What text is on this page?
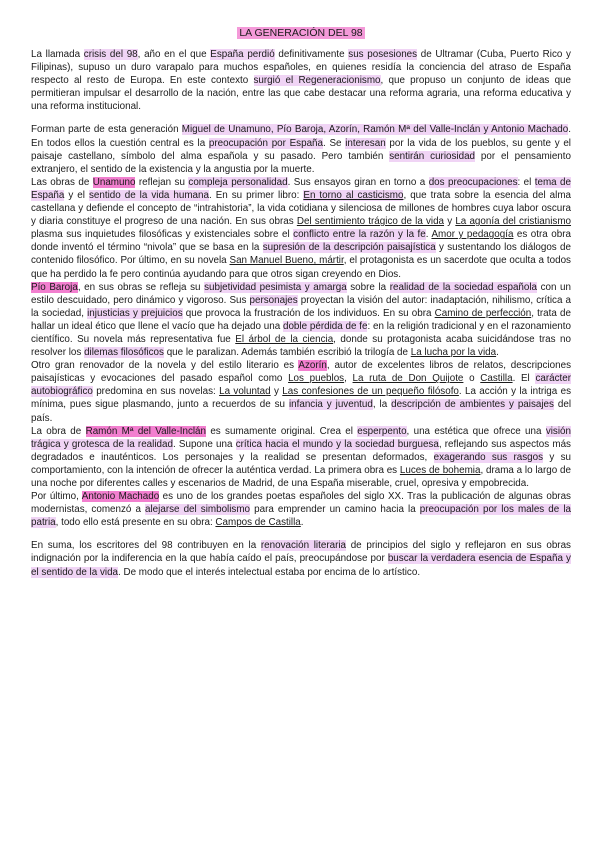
LA GENERACIÓN DEL 98

La llamada crisis del 98, año en el que España perdió definitivamente sus posesiones de Ultramar (Cuba, Puerto Rico y Filipinas), supuso un duro varapalo para muchos españoles, en quienes residía la conciencia del atraso de España respecto al resto de Europa. En este contexto surgió el Regeneracionismo, que propuso un conjunto de ideas que permitieran impulsar el desarrollo de la nación, entre las que cabe destacar una reforma agraria, una reforma educativa y una reforma institucional.

Forman parte de esta generación Miguel de Unamuno, Pío Baroja, Azorín, Ramón Mª del Valle-Inclán y Antonio Machado. En todos ellos la cuestión central es la preocupación por España. Se interesan por la vida de los pueblos, su gente y el paisaje castellano, símbolo del alma española y su pasado. Pero también sentirán curiosidad por el pensamiento extranjero, el sentido de la existencia y la angustia por la muerte.

Las obras de Unamuno reflejan su compleja personalidad. Sus ensayos giran en torno a dos preocupaciones: el tema de España y el sentido de la vida humana. En su primer libro: En torno al casticismo, que trata sobre la esencia del alma castellana y defiende el concepto de “intrahistoria”, la vida cotidiana y silenciosa de millones de hombres cuya labor oscura y diaria constituye el progreso de una nación. En sus obras Del sentimiento trágico de la vida y La agonía del cristianismo plasma sus inquietudes filosóficas y existenciales sobre el conflicto entre la razón y la fe. Amor y pedagogía es otra obra donde inventó el término “nivola” que se basa en la supresión de la descripción paisajística y sustentando los diálogos de contenido filosófico. Por último, en su novela San Manuel Bueno, mártir, el protagonista es un sacerdote que oculta a todos que ha perdido la fe pero continúa ayudando para que otros sigan creyendo en Dios.

Pío Baroja, en sus obras se refleja su subjetividad pesimista y amarga sobre la realidad de la sociedad española con un estilo descuidado, pero dinámico y vigoroso. Sus personajes proyectan la visión del autor: inadaptación, nihilismo, crítica a la sociedad, injusticias y prejuicios que provoca la frustración de los individuos. En su obra Camino de perfección, trata de hallar un ideal ético que llene el vacío que ha dejado una doble pérdida de fe: en la religión tradicional y en el razonamiento científico. Su novela más representativa fue El árbol de la ciencia, donde su protagonista acaba suicidándose tras no resolver los dilemas filosóficos que le paralizan. Además también escribió la trilogía de La lucha por la vida.

Otro gran renovador de la novela y del estilo literario es Azorín, autor de excelentes libros de relatos, descripciones paisajísticas y evocaciones del pasado español como Los pueblos, La ruta de Don Quijote o Castilla. El carácter autobiográfico predomina en sus novelas: La voluntad y Las confesiones de un pequeño filósofo. La acción y la intriga es mínima, pues sigue plasmando, junto a recuerdos de su infancia y juventud, la descripción de ambientes y paisajes del país.

La obra de Ramón Mª del Valle-Inclán es sumamente original. Crea el esperpento, una estética que ofrece una visión trágica y grotesca de la realidad. Supone una crítica hacia el mundo y la sociedad burguesa, reflejando sus aspectos más degradados e inauténticos. Los personajes y la realidad se presentan deformados, exagerando sus rasgos y su comportamiento, con la intención de ofrecer la auténtica verdad. La primera obra es Luces de bohemia, drama a lo largo de una noche por diferentes calles y escenarios de Madrid, de una España miserable, cruel, opresiva y empobrecida.

Por último, Antonio Machado es uno de los grandes poetas españoles del siglo XX. Tras la publicación de algunas obras modernistas, comenzó a alejarse del simbolismo para emprender un camino hacia la preocupación por los males de la patria, todo ello está presente en su obra: Campos de Castilla.

En suma, los escritores del 98 contribuyen en la renovación literaria de principios del siglo y reflejaron en sus obras indignación por la indiferencia en la que había caído el país, preocupándose por buscar la verdadera esencia de España y el sentido de la vida. De modo que el interés intelectual estaba por encima de lo artístico.
